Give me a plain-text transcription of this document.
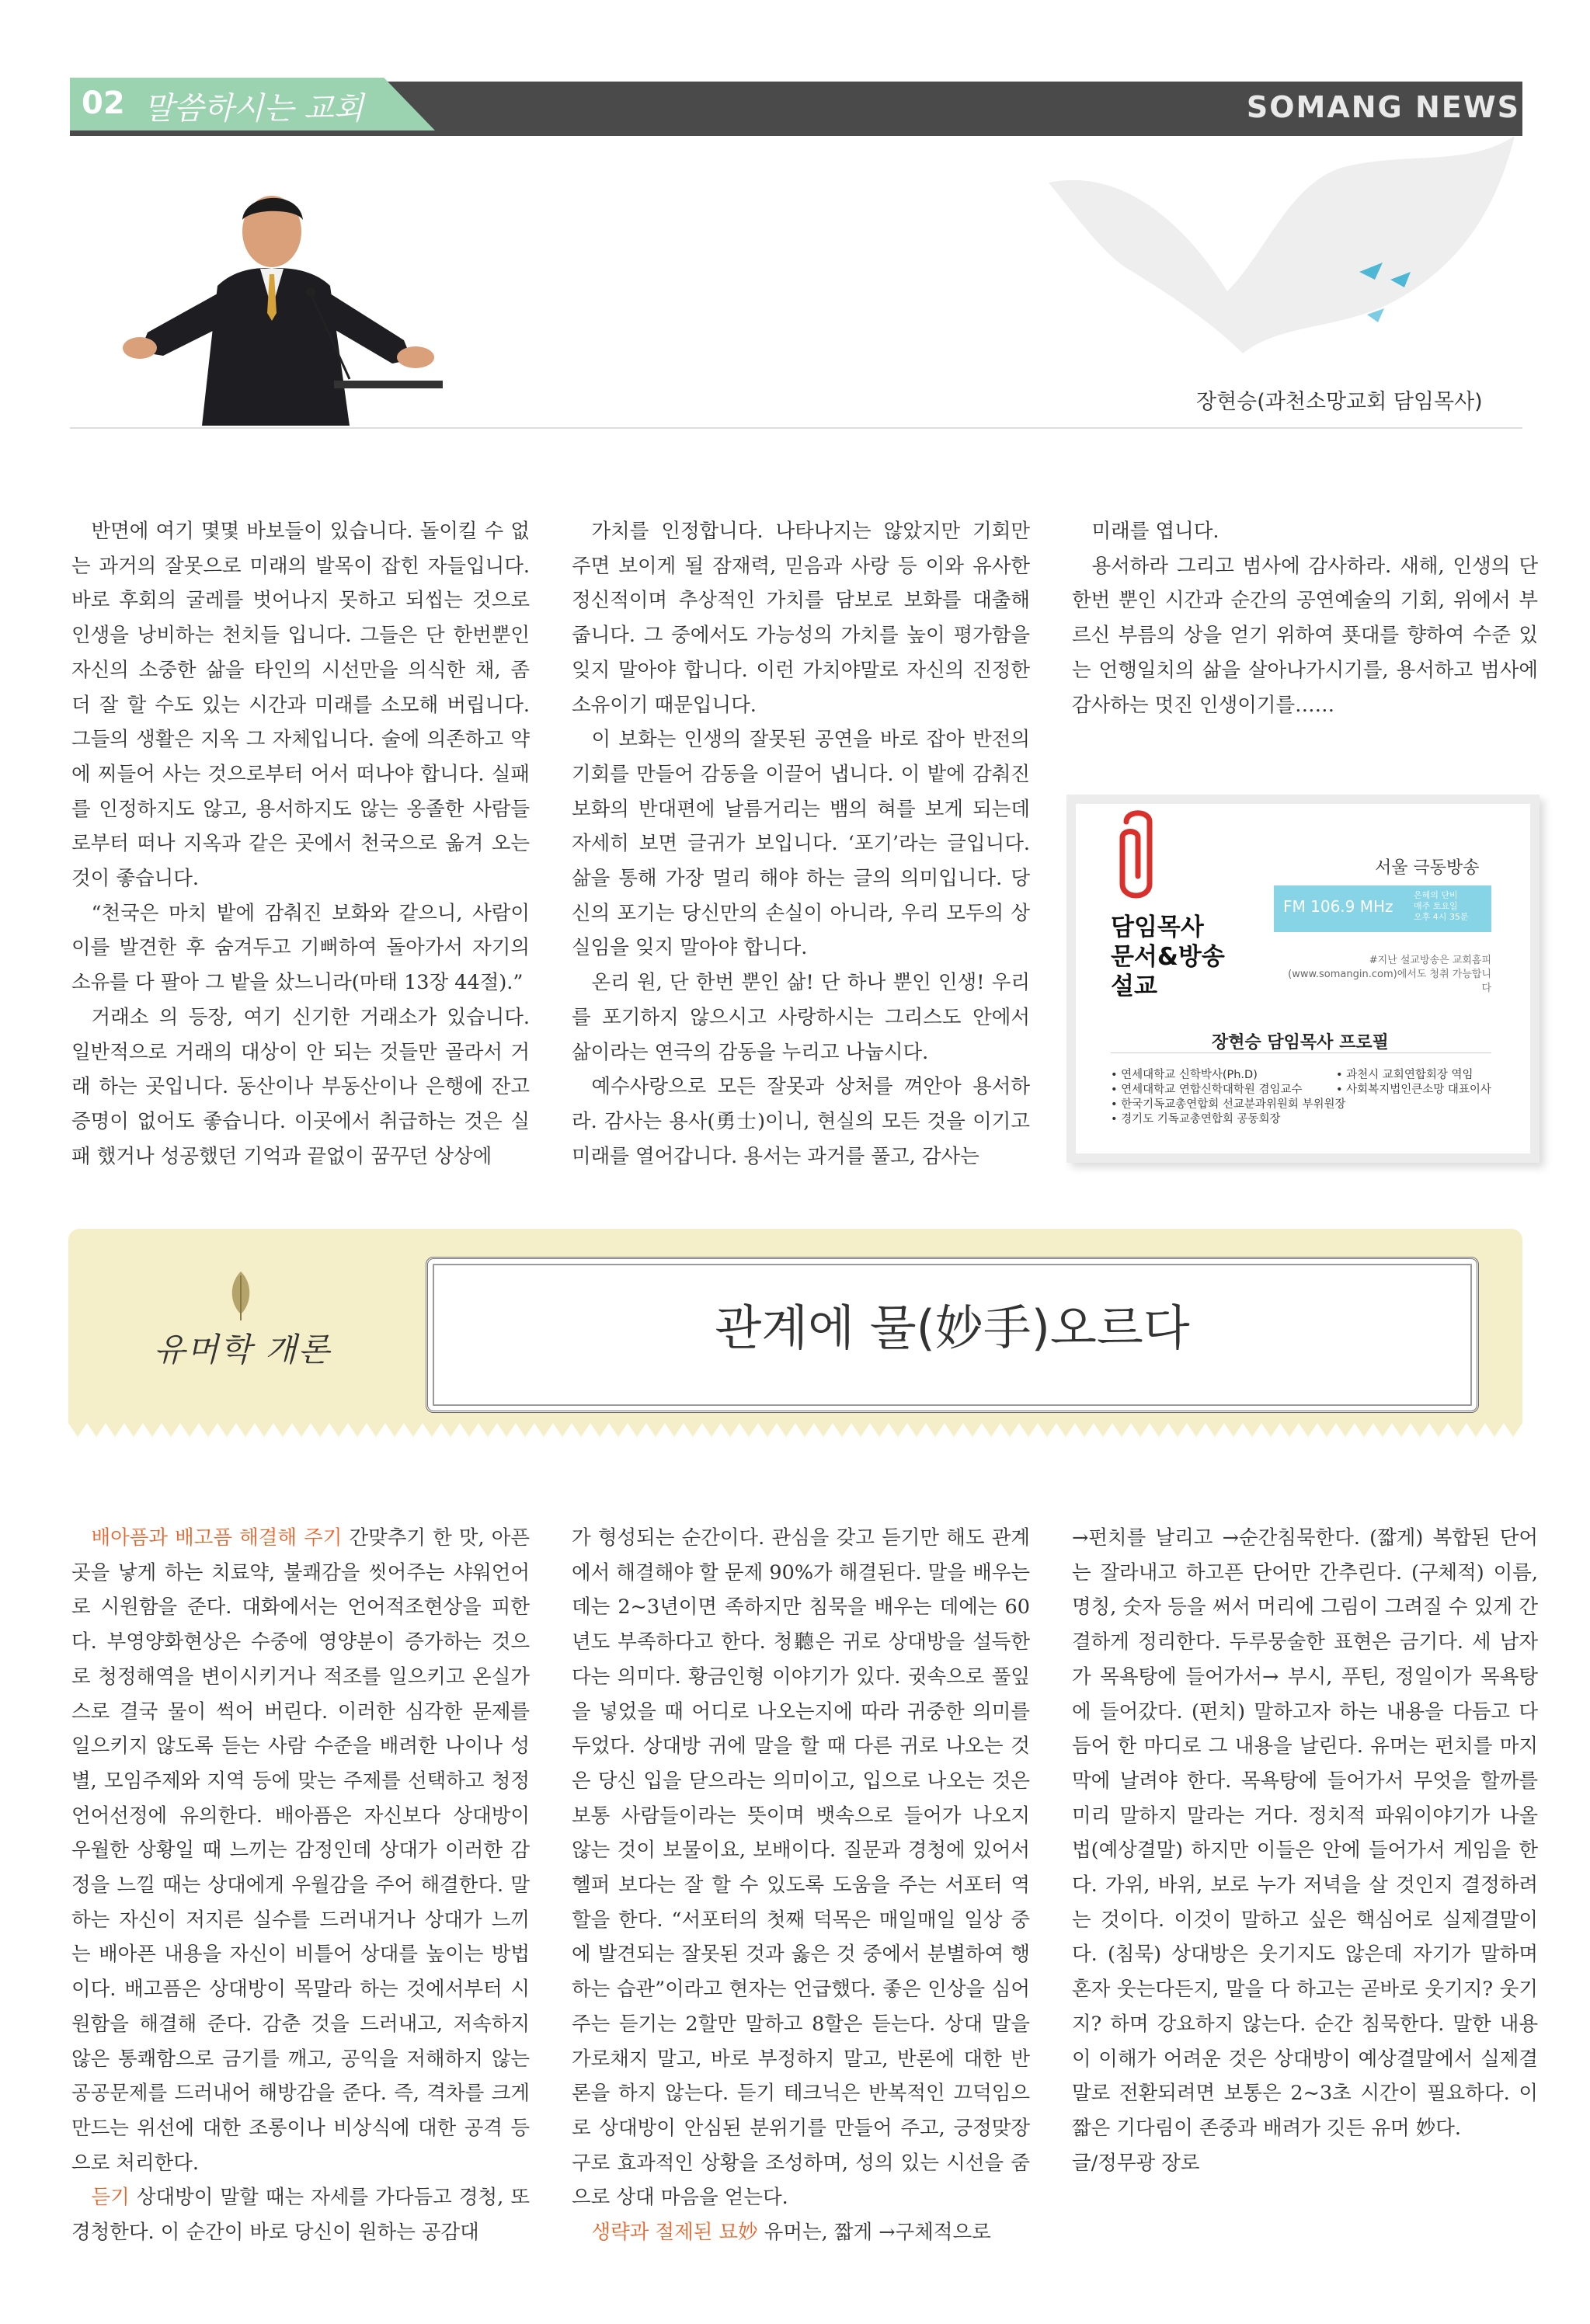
02 말씀하시는 교회	SOMANG NEWS
장현승(과천소망교회 담임목사)

반면에 여기 몇몇 바보들이 있습니다. 돌이킬 수 없는 과거의 잘못으로 미래의 발목이 잡힌 자들입니다. 바로 후회의 굴레를 벗어나지 못하고 되씹는 것으로 인생을 낭비하는 천치들 입니다. 그들은 단 한번뿐인 자신의 소중한 삶을 타인의 시선만을 의식한 채, 좀 더 잘 할 수도 있는 시간과 미래를 소모해 버립니다. 그들의 생활은 지옥 그 자체입니다. 술에 의존하고 약에 찌들어 사는 것으로부터 어서 떠나야 합니다. 실패를 인정하지도 않고, 용서하지도 않는 옹졸한 사람들로부터 떠나 지옥과 같은 곳에서 천국으로 옮겨 오는 것이 좋습니다.

“천국은 마치 밭에 감춰진 보화와 같으니, 사람이 이를 발견한 후 숨겨두고 기뻐하여 돌아가서 자기의 소유를 다 팔아 그 밭을 샀느니라(마태 13장 44절).”

거래소 의 등장, 여기 신기한 거래소가 있습니다. 일반적으로 거래의 대상이 안 되는 것들만 골라서 거래 하는 곳입니다. 동산이나 부동산이나 은행에 잔고증명이 없어도 좋습니다. 이곳에서 취급하는 것은 실패 했거나 성공했던 기억과 끝없이 꿈꾸던 상상에

가치를 인정합니다. 나타나지는 않았지만 기회만 주면 보이게 될 잠재력, 믿음과 사랑 등 이와 유사한 정신적이며 추상적인 가치를 담보로 보화를 대출해 줍니다. 그 중에서도 가능성의 가치를 높이 평가함을 잊지 말아야 합니다. 이런 가치야말로 자신의 진정한 소유이기 때문입니다.

이 보화는 인생의 잘못된 공연을 바로 잡아 반전의 기회를 만들어 감동을 이끌어 냅니다. 이 밭에 감춰진 보화의 반대편에 날름거리는 뱀의 혀를 보게 되는데 자세히 보면 글귀가 보입니다. ‘포기’라는 글입니다. 삶을 통해 가장 멀리 해야 하는 글의 의미입니다. 당신의 포기는 당신만의 손실이 아니라, 우리 모두의 상실임을 잊지 말아야 합니다.

온리 원, 단 한번 뿐인 삶! 단 하나 뿐인 인생! 우리를 포기하지 않으시고 사랑하시는 그리스도 안에서 삶이라는 연극의 감동을 누리고 나눕시다.

예수사랑으로 모든 잘못과 상처를 껴안아 용서하라. 감사는 용사(勇士)이니, 현실의 모든 것을 이기고 미래를 열어갑니다. 용서는 과거를 풀고, 감사는

미래를 엽니다.

용서하라 그리고 범사에 감사하라. 새해, 인생의 단 한번 뿐인 시간과 순간의 공연예술의 기회, 위에서 부르신 부름의 상을 얻기 위하여 푯대를 향하여 수준 있는 언행일치의 삶을 살아나가시기를, 용서하고 범사에 감사하는 멋진 인생이기를……

담임목사
문서&방송
설교
서울 극동방송
FM 106.9 MHz
은혜의 단비
매주 토요일
오후 4시 35분
#지난 설교방송은 교회홈피
(www.somangin.com)에서도 청취 가능합니다
장현승 담임목사 프로필
• 연세대학교 신학박사(Ph.D)
• 연세대학교 연합신학대학원 겸임교수
• 한국기독교총연합회 선교분과위원회 부위원장
• 경기도 기독교총연합회 공동회장
• 과천시 교회연합회장 역임
• 사회복지법인큰소망 대표이사
유머학 개론	관계에 물(妙手)오르다

배아픔과 배고픔 해결해 주기 간맞추기 한 맛, 아픈 곳을 낳게 하는 치료약, 불쾌감을 씻어주는 샤워언어로 시원함을 준다. 대화에서는 언어적조현상을 피한다. 부영양화현상은 수중에 영양분이 증가하는 것으로 청정해역을 변이시키거나 적조를 일으키고 온실가스로 결국 물이 썩어 버린다. 이러한 심각한 문제를 일으키지 않도록 듣는 사람 수준을 배려한 나이나 성별, 모임주제와 지역 등에 맞는 주제를 선택하고 청정언어선정에 유의한다. 배아픔은 자신보다 상대방이 우월한 상황일 때 느끼는 감정인데 상대가 이러한 감정을 느낄 때는 상대에게 우월감을 주어 해결한다. 말하는 자신이 저지른 실수를 드러내거나 상대가 느끼는 배아픈 내용을 자신이 비틀어 상대를 높이는 방법이다. 배고픔은 상대방이 목말라 하는 것에서부터 시원함을 해결해 준다. 감춘 것을 드러내고, 저속하지 않은 통쾌함으로 금기를 깨고, 공익을 저해하지 않는 공공문제를 드러내어 해방감을 준다. 즉, 격차를 크게 만드는 위선에 대한 조롱이나 비상식에 대한 공격 등으로 처리한다.

듣기 상대방이 말할 때는 자세를 가다듬고 경청, 또 경청한다. 이 순간이 바로 당신이 원하는 공감대

가 형성되는 순간이다. 관심을 갖고 듣기만 해도 관계에서 해결해야 할 문제 90%가 해결된다. 말을 배우는 데는 2~3년이면 족하지만 침묵을 배우는 데에는 60년도 부족하다고 한다. 청聽은 귀로 상대방을 설득한다는 의미다. 황금인형 이야기가 있다. 귓속으로 풀잎을 넣었을 때 어디로 나오는지에 따라 귀중한 의미를 두었다. 상대방 귀에 말을 할 때 다른 귀로 나오는 것은 당신 입을 닫으라는 의미이고, 입으로 나오는 것은 보통 사람들이라는 뜻이며 뱃속으로 들어가 나오지 않는 것이 보물이요, 보배이다. 질문과 경청에 있어서 헬퍼 보다는 잘 할 수 있도록 도움을 주는 서포터 역할을 한다. “서포터의 첫째 덕목은 매일매일 일상 중에 발견되는 잘못된 것과 옳은 것 중에서 분별하여 행하는 습관”이라고 현자는 언급했다. 좋은 인상을 심어 주는 듣기는 2할만 말하고 8할은 듣는다. 상대 말을 가로채지 말고, 바로 부정하지 말고, 반론에 대한 반론을 하지 않는다. 듣기 테크닉은 반복적인 끄덕임으로 상대방이 안심된 분위기를 만들어 주고, 긍정맞장구로 효과적인 상황을 조성하며, 성의 있는 시선을 줌으로 상대 마음을 얻는다.

생략과 절제된 묘妙 유머는, 짧게 →구체적으로

→펀치를 날리고 →순간침묵한다. (짧게) 복합된 단어는 잘라내고 하고픈 단어만 간추린다. (구체적) 이름, 명칭, 숫자 등을 써서 머리에 그림이 그려질 수 있게 간결하게 정리한다. 두루뭉술한 표현은 금기다. 세 남자가 목욕탕에 들어가서→ 부시, 푸틴, 정일이가 목욕탕에 들어갔다. (펀치) 말하고자 하는 내용을 다듬고 다듬어 한 마디로 그 내용을 날린다. 유머는 펀치를 마지막에 날려야 한다. 목욕탕에 들어가서 무엇을 할까를 미리 말하지 말라는 거다. 정치적 파워이야기가 나올 법(예상결말) 하지만 이들은 안에 들어가서 게임을 한다. 가위, 바위, 보로 누가 저녁을 살 것인지 결정하려는 것이다. 이것이 말하고 싶은 핵심어로 실제결말이다. (침묵) 상대방은 웃기지도 않은데 자기가 말하며 혼자 웃는다든지, 말을 다 하고는 곧바로 웃기지? 웃기지? 하며 강요하지 않는다. 순간 침묵한다. 말한 내용이 이해가 어려운 것은 상대방이 예상결말에서 실제결말로 전환되려면 보통은 2~3초 시간이 필요하다. 이 짧은 기다림이 존중과 배려가 깃든 유머 妙다.

글/정무광 장로
